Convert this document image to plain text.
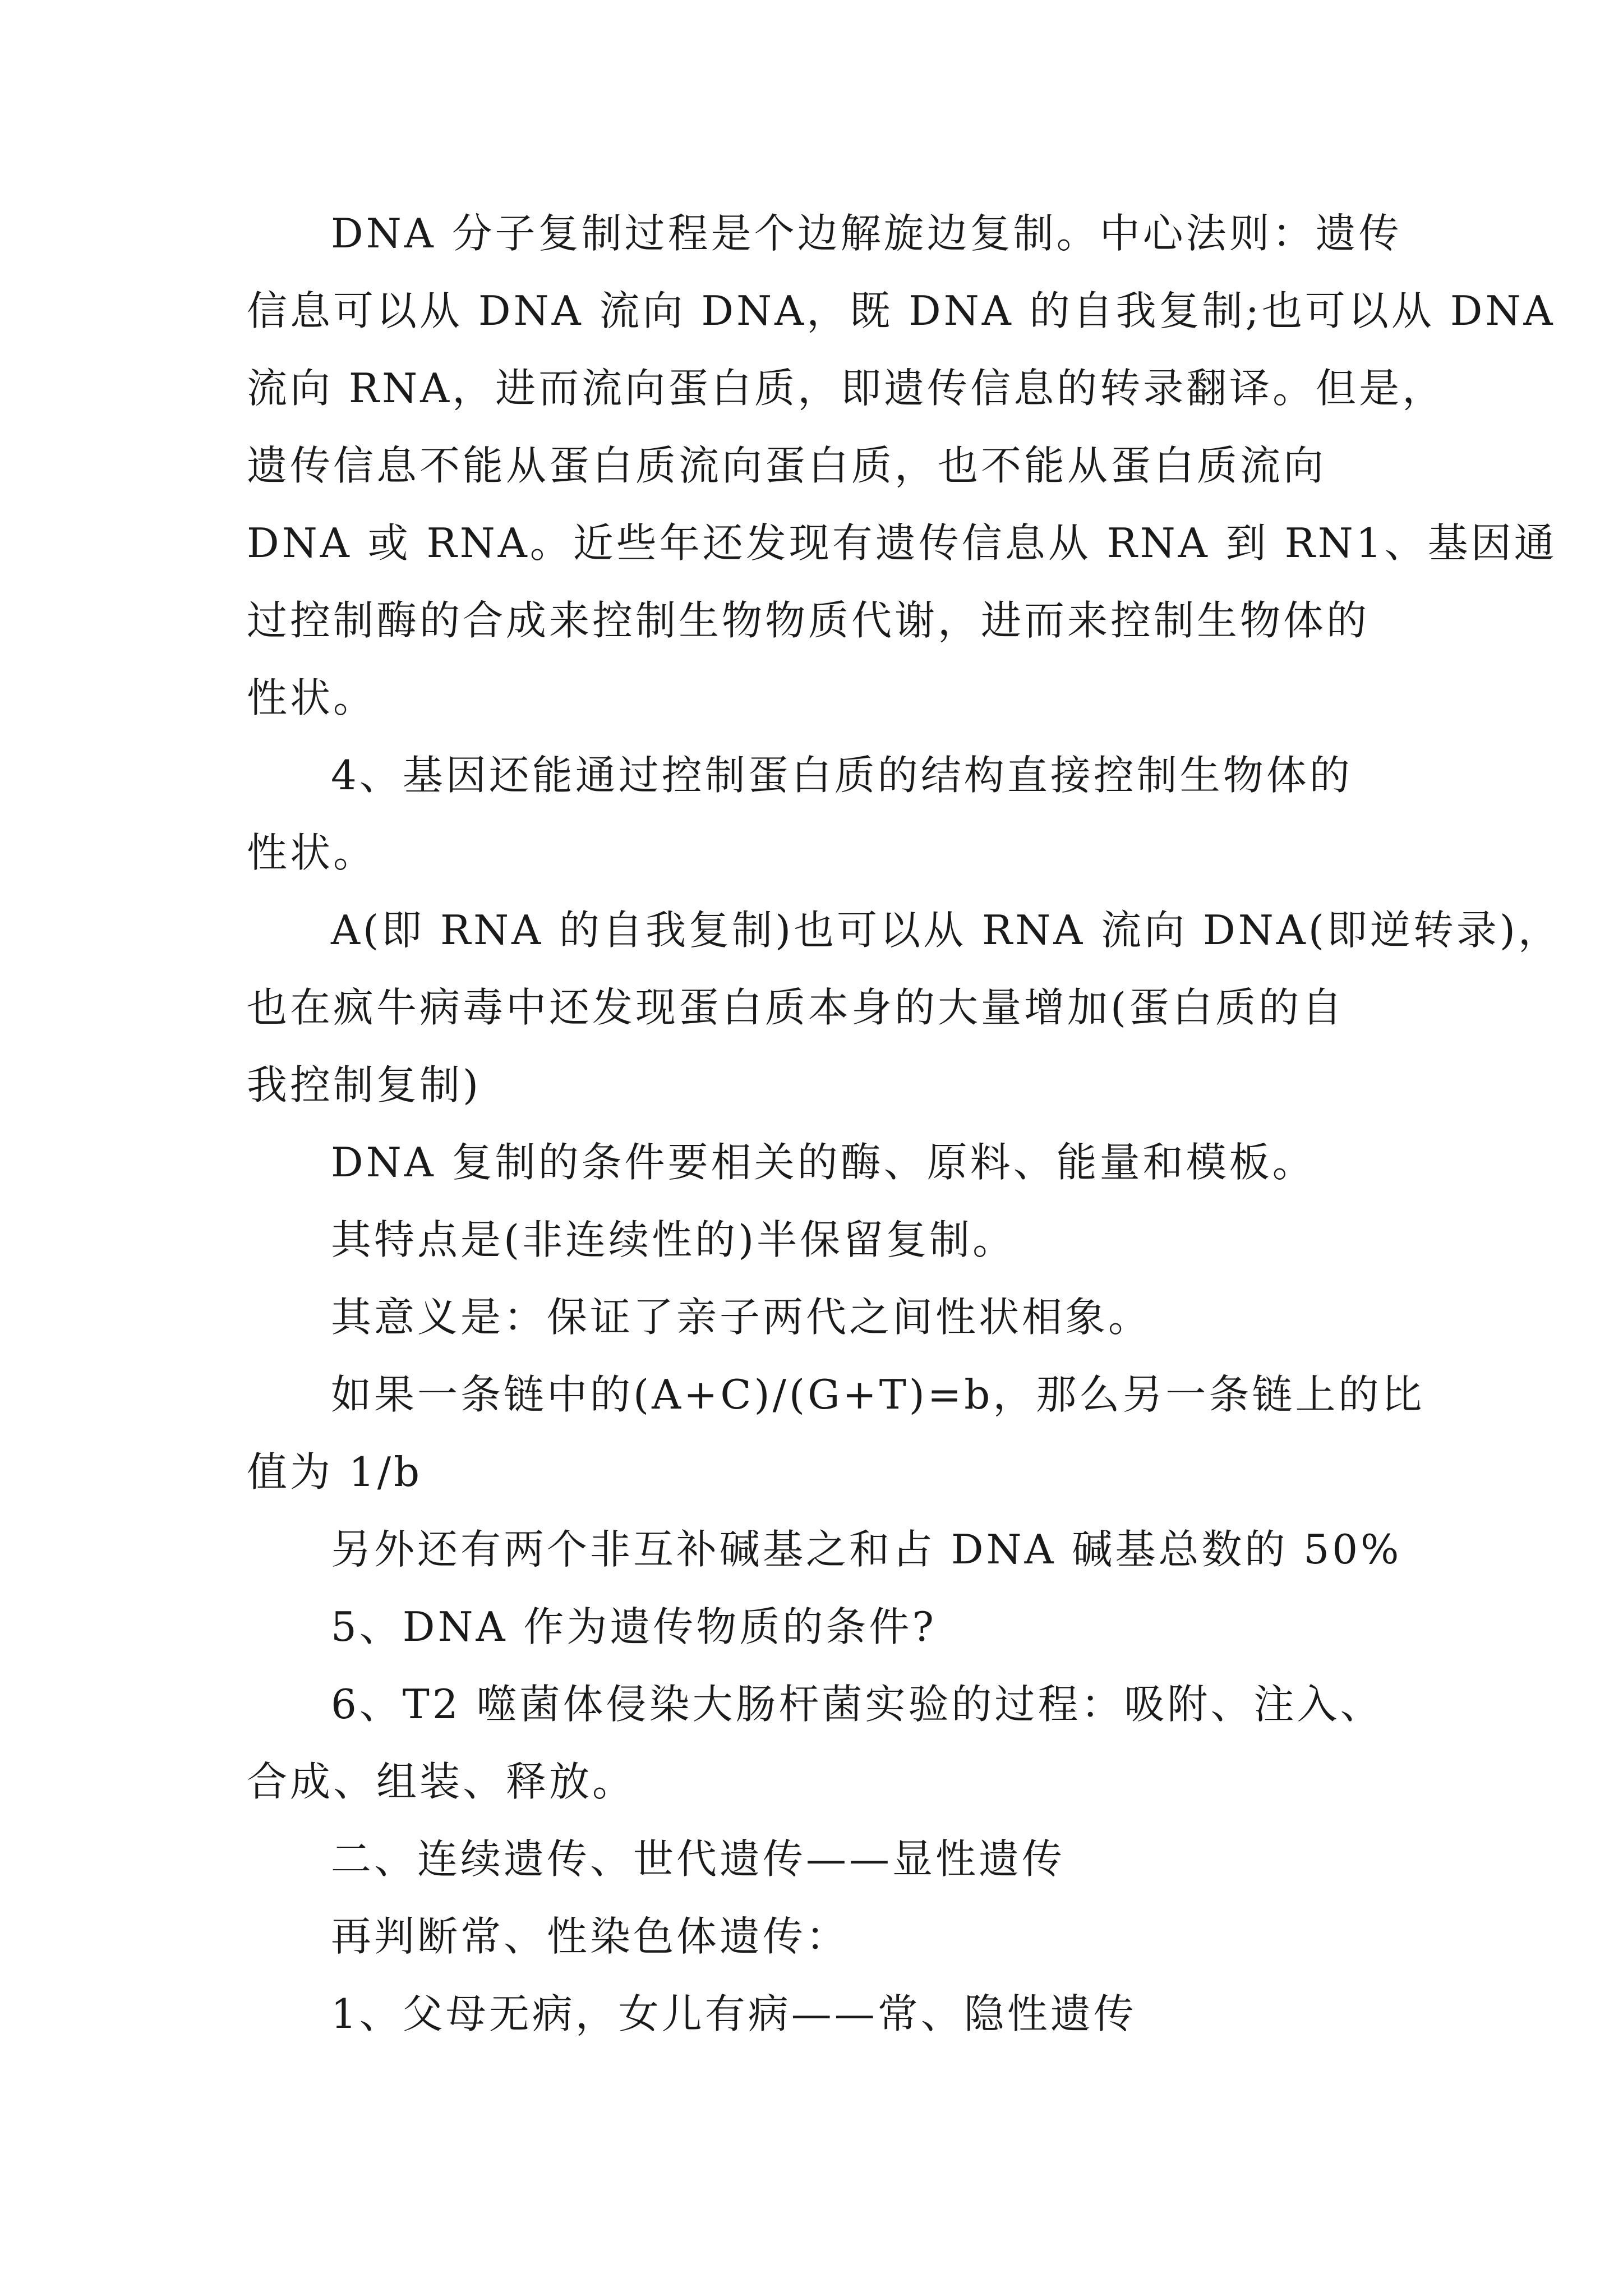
DNA 分子复制过程是个边解旋边复制。中心法则：遗传
信息可以从 DNA 流向 DNA，既 DNA 的自我复制;也可以从 DNA
流向 RNA，进而流向蛋白质，即遗传信息的转录翻译。但是，
遗传信息不能从蛋白质流向蛋白质，也不能从蛋白质流向
DNA 或 RNA。近些年还发现有遗传信息从 RNA 到 RN1、基因通
过控制酶的合成来控制生物物质代谢，进而来控制生物体的
性状。
4、基因还能通过控制蛋白质的结构直接控制生物体的
性状。
A(即 RNA 的自我复制)也可以从 RNA 流向 DNA(即逆转录)，
也在疯牛病毒中还发现蛋白质本身的大量增加(蛋白质的自
我控制复制)
DNA 复制的条件要相关的酶、原料、能量和模板。
其特点是(非连续性的)半保留复制。
其意义是：保证了亲子两代之间性状相象。
如果一条链中的(A+C)/(G+T)=b，那么另一条链上的比
值为 1/b
另外还有两个非互补碱基之和占 DNA 碱基总数的 50%
5、DNA 作为遗传物质的条件?
6、T2 噬菌体侵染大肠杆菌实验的过程：吸附、注入、
合成、组装、释放。
二、连续遗传、世代遗传——显性遗传
再判断常、性染色体遗传：
1、父母无病，女儿有病——常、隐性遗传
